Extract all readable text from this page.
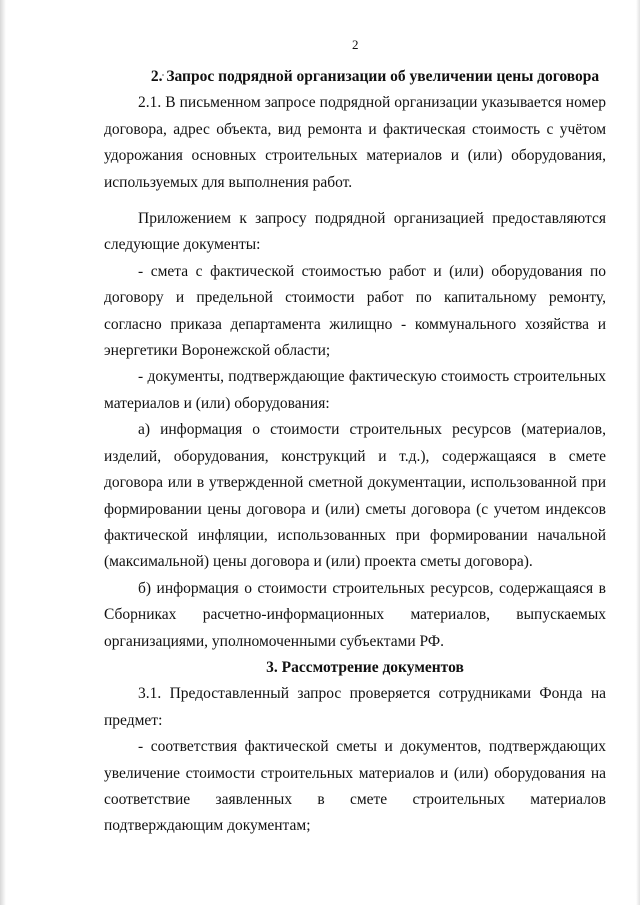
2

2. Запрос подрядной организации об увеличении цены договора

2.1. В письменном запросе подрядной организации указывается номер договора, адрес объекта, вид ремонта и фактическая стоимость с учётом удорожания основных строительных материалов и (или) оборудования, используемых для выполнения работ.

Приложением к запросу подрядной организацией предоставляются следующие документы:

- смета с фактической стоимостью работ и (или) оборудования по договору и предельной стоимости работ по капитальному ремонту, согласно приказа департамента жилищно - коммунального хозяйства и энергетики Воронежской области;

- документы, подтверждающие фактическую стоимость строительных материалов и (или) оборудования:

а) информация о стоимости строительных ресурсов (материалов, изделий, оборудования, конструкций и т.д.), содержащаяся в смете договора или в утвержденной сметной документации, использованной при формировании цены договора и (или) сметы договора (с учетом индексов фактической инфляции, использованных при формировании начальной (максимальной) цены договора и (или) проекта сметы договора).

б) информация о стоимости строительных ресурсов, содержащаяся в Сборниках расчетно-информационных материалов, выпускаемых организациями, уполномоченными субъектами РФ.

3. Рассмотрение документов

3.1. Предоставленный запрос проверяется сотрудниками Фонда на предмет:

- соответствия фактической сметы и документов, подтверждающих увеличение стоимости строительных материалов и (или) оборудования на соответствие заявленных в смете строительных материалов подтверждающим документам;
